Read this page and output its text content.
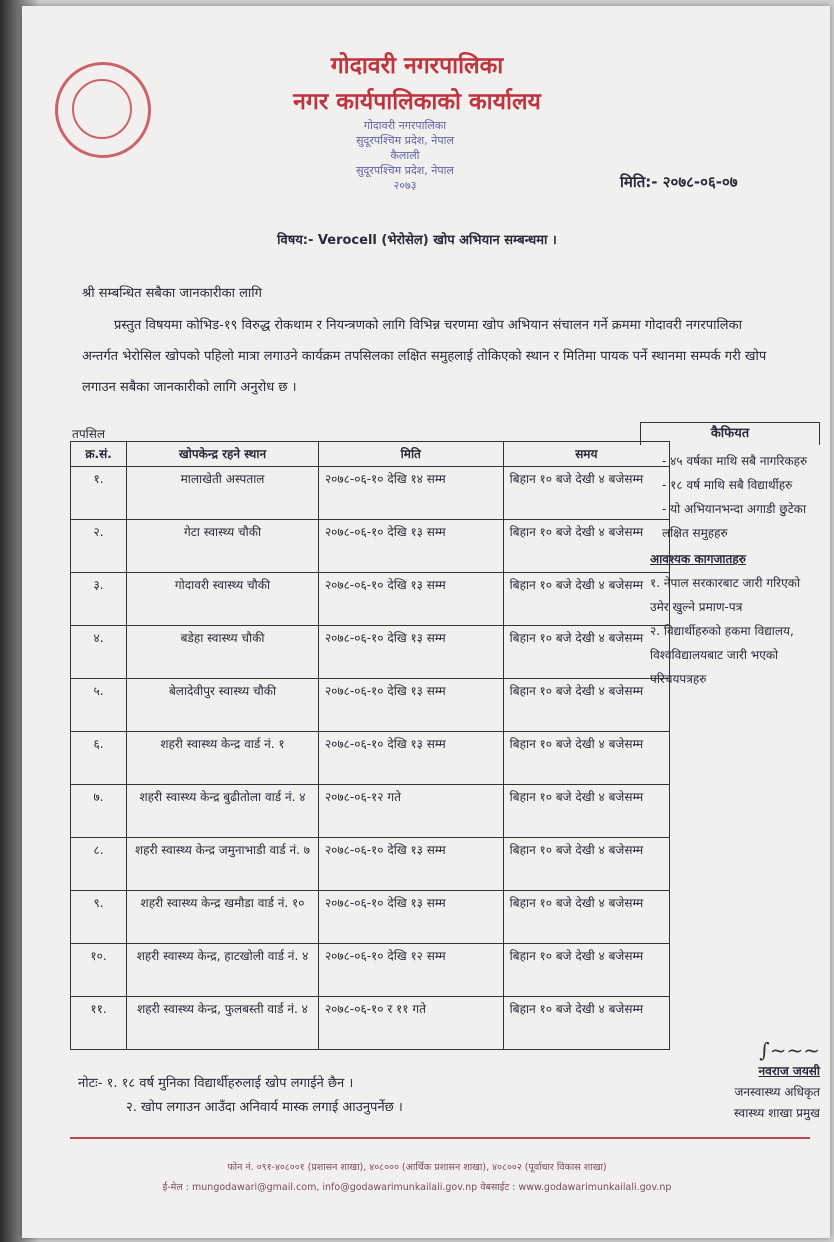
गोदावरी नगरपालिका
नगर कार्यपालिकाको कार्यालय
गोदावरी नगरपालिका
सुदूरपश्चिम प्रदेश, नेपाल
कैलाली
सुदूरपश्चिम प्रदेश, नेपाल
२०७३	मिति:- २०७८-०६-०७
विषय:- Verocell (भेरोसेल) खोप अभियान सम्बन्धमा ।
श्री सम्बन्धित सबैका जानकारीका लागि

प्रस्तुत विषयमा कोभिड-१९ विरुद्ध रोकथाम र नियन्त्रणको लागि विभिन्न चरणमा खोप अभियान संचालन गर्ने क्रममा गोदावरी नगरपालिका अन्तर्गत भेरोसिल खोपको पहिलो मात्रा लगाउने कार्यक्रम तपसिलका लक्षित समुहलाई तोकिएको स्थान र मितिमा पायक पर्ने स्थानमा सम्पर्क गरी खोप लगाउन सबैका जानकारीको लागि अनुरोध छ ।

तपसिल
क्र.सं.	खोपकेन्द्र रहने स्थान	मिति	समय
१.	मालाखेती अस्पताल	२०७८-०६-१० देखि १४ सम्म	बिहान १० बजे देखी ४ बजेसम्म
२.	गेटा स्वास्थ्य चौकी	२०७८-०६-१० देखि १३ सम्म	बिहान १० बजे देखी ४ बजेसम्म
३.	गोदावरी स्वास्थ्य चौकी	२०७८-०६-१० देखि १३ सम्म	बिहान १० बजे देखी ४ बजेसम्म
४.	बडेहा स्वास्थ्य चौकी	२०७८-०६-१० देखि १३ सम्म	बिहान १० बजे देखी ४ बजेसम्म
५.	बेलादेवीपुर स्वास्थ्य चौकी	२०७८-०६-१० देखि १३ सम्म	बिहान १० बजे देखी ४ बजेसम्म
६.	शहरी स्वास्थ्य केन्द्र वार्ड नं. १	२०७८-०६-१० देखि १३ सम्म	बिहान १० बजे देखी ४ बजेसम्म
७.	शहरी स्वास्थ्य केन्द्र बुढीतोला वार्ड नं. ४	२०७८-०६-१२ गते	बिहान १० बजे देखी ४ बजेसम्म
८.	शहरी स्वास्थ्य केन्द्र जमुनाभाडी वार्ड नं. ७	२०७८-०६-१० देखि १३ सम्म	बिहान १० बजे देखी ४ बजेसम्म
९.	शहरी स्वास्थ्य केन्द्र खमौडा वार्ड नं. १०	२०७८-०६-१० देखि १३ सम्म	बिहान १० बजे देखी ४ बजेसम्म
१०.	शहरी स्वास्थ्य केन्द्र, हाटखोली वार्ड नं. ४	२०७८-०६-१० देखि १२ सम्म	बिहान १० बजे देखी ४ बजेसम्म
११.	शहरी स्वास्थ्य केन्द्र, फुलबस्ती वार्ड नं. ४	२०७८-०६-१० र ११ गते	बिहान १० बजे देखी ४ बजेसम्म
कैफियत
- ४५ वर्षका माथि सबै नागरिकहरु
- १८ वर्ष माथि सबै विद्यार्थीहरु
- यो अभियानभन्दा अगाडी छुटेका लक्षित समुहहरु
आवश्यक कागजातहरु

१. नेपाल सरकारबाट जारी गरिएको उमेर खुल्ने प्रमाण-पत्र

२. विद्यार्थीहरुको हकमा विद्यालय, विश्वविद्यालयबाट जारी भएको परिचयपत्रहरु

नोटः- १. १८ वर्ष मुनिका विद्यार्थीहरुलाई खोप लगाईने छैन ।
२. खोप लगाउन आउँदा अनिवार्य मास्क लगाई आउनुपर्नेछ ।
∫~~~
नवराज जयसी
जनस्वास्थ्य अधिकृत
स्वास्थ्य शाखा प्रमुख
फोन नं. ०९१-४०८००१ (प्रशासन शाखा), ४०८००० (आर्थिक प्रशासन शाखा), ४०८००२ (पूर्वाधार विकास शाखा)
ई-मेल : mungodawari@gmail.com, info@godawarimunkailali.gov.np वेबसाईट : www.godawarimunkailali.gov.np
